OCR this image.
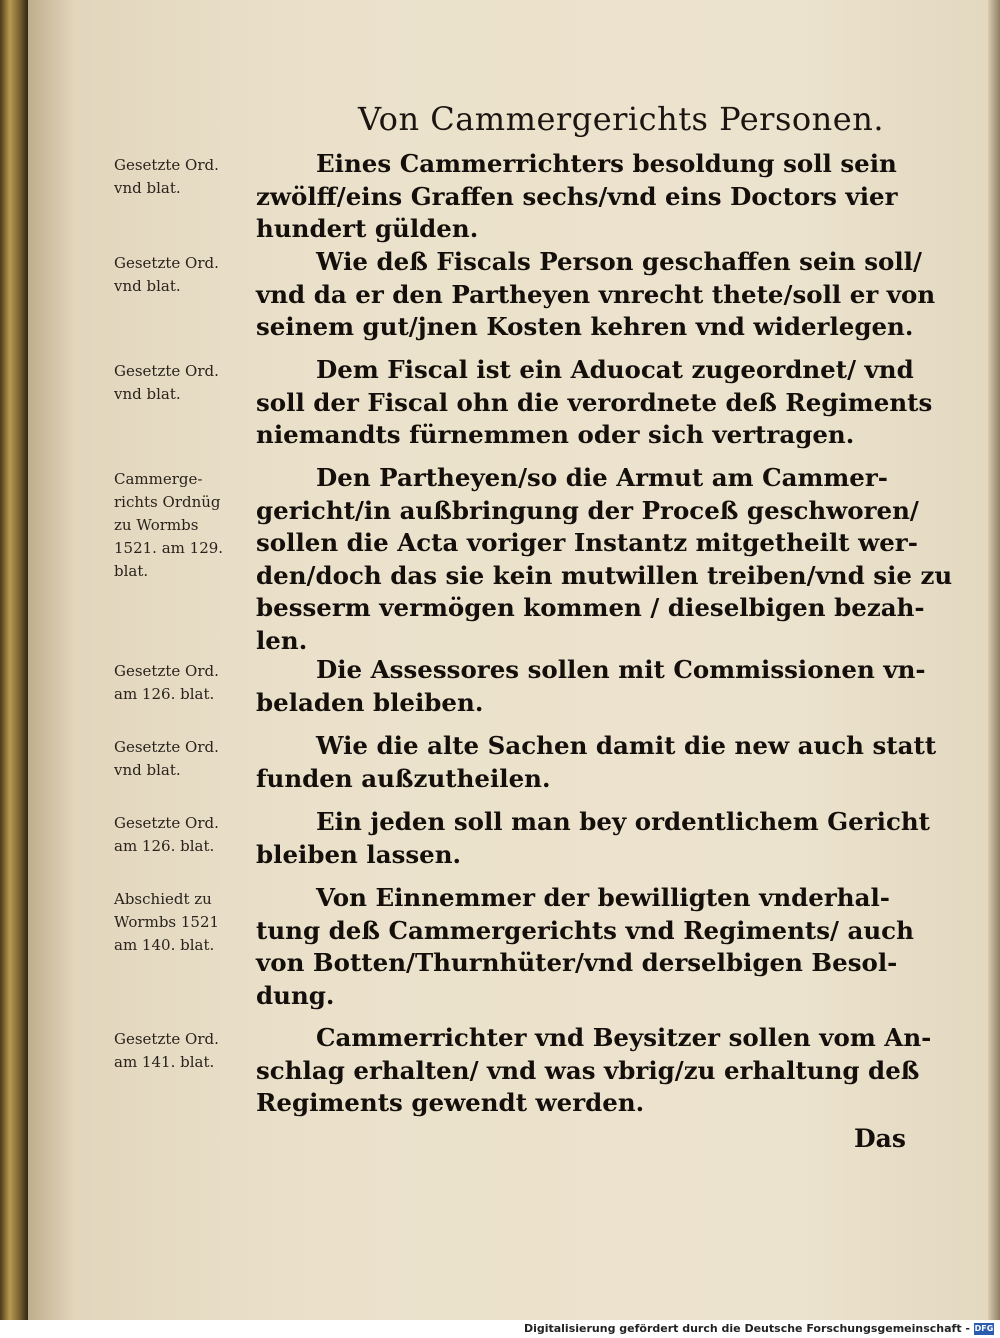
Von Cammergerichts Personen.
Gesetzte Ord.
vnd blat.
Eines Cammerrichters besoldung soll sein
zwölff/eins Graffen sechs/vnd eins Doctors vier
hundert gülden.
Gesetzte Ord.
vnd blat.
Wie deß Fiscals Person geschaffen sein soll/
vnd da er den Partheyen vnrecht thete/soll er von
seinem gut/jnen Kosten kehren vnd widerlegen.
Gesetzte Ord.
vnd blat.
Dem Fiscal ist ein Aduocat zugeordnet/ vnd
soll der Fiscal ohn die verordnete deß Regiments
niemandts fürnemmen oder sich vertragen.
Cammerge-
richts Ordnüg
zu Wormbs
1521. am 129.
blat.
Den Partheyen/so die Armut am Cammer-
gericht/in außbringung der Proceß geschworen/
sollen die Acta voriger Instantz mitgetheilt wer-
den/doch das sie kein mutwillen treiben/vnd sie zu
besserm vermögen kommen / dieselbigen bezah-
len.
Gesetzte Ord.
am 126. blat.
Die Assessores sollen mit Commissionen vn-
beladen bleiben.
Gesetzte Ord.
vnd blat.
Wie die alte Sachen damit die new auch statt
funden außzutheilen.
Gesetzte Ord.
am 126. blat.
Ein jeden soll man bey ordentlichem Gericht
bleiben lassen.
Abschiedt zu
Wormbs 1521
am 140. blat.
Von Einnemmer der bewilligten vnderhal-
tung deß Cammergerichts vnd Regiments/ auch
von Botten/Thurnhüter/vnd derselbigen Besol-
dung.
Gesetzte Ord.
am 141. blat.
Cammerrichter vnd Beysitzer sollen vom An-
schlag erhalten/ vnd was vbrig/zu erhaltung deß
Regiments gewendt werden.
Das
Digitalisierung gefördert durch die Deutsche Forschungsgemeinschaft - DFG
